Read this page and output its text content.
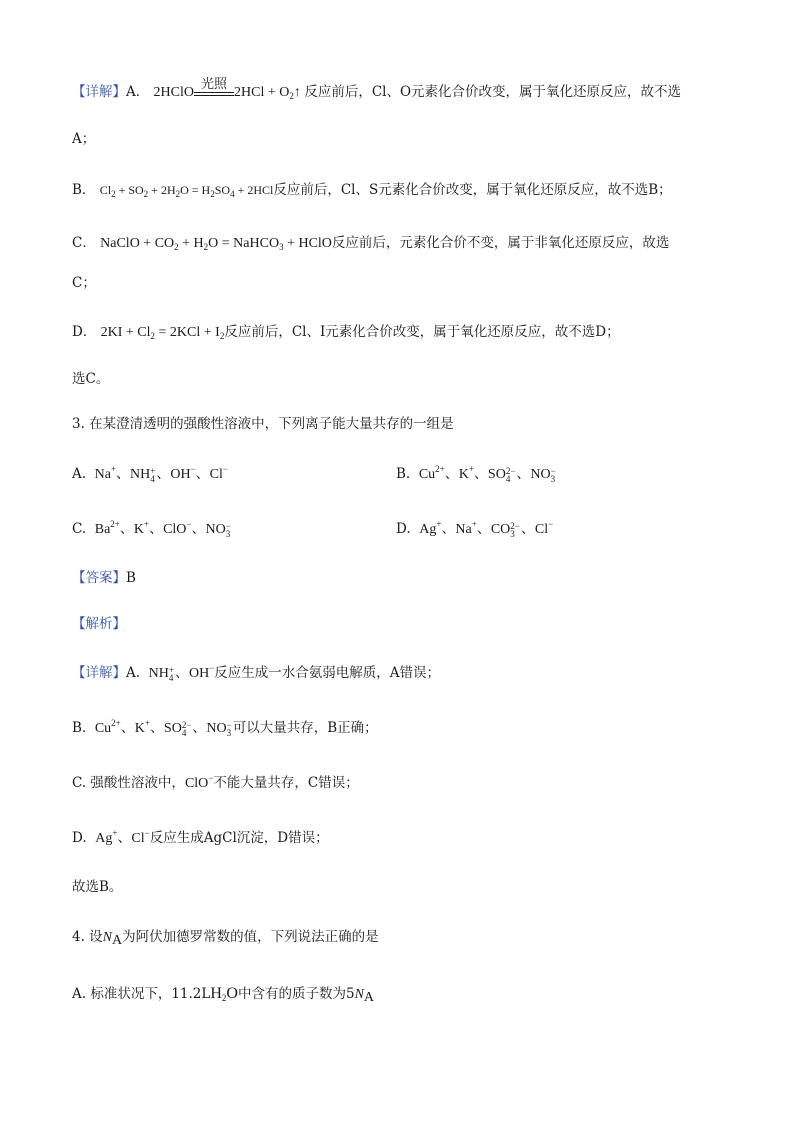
【详解】A． 2HClO
光照
$2HCl + O_2↑$ 反应前后，Cl、O元素化合价改变，属于氧化还原反应，故不选
A；
B． $Cl_2 + SO_2 + 2H_2O = H_2SO_4 + 2HCl$反应前后，Cl、S元素化合价改变，属于氧化还原反应，故不选B；
C． NaClO + $CO_2 + H_2O$ = NaHCO$_3$ + HClO反应前后，元素化合价不变，属于非氧化还原反应，故选
C；
D． $2KI + Cl_2 = 2KCl + I_2$反应前后，Cl、I元素化合价改变，属于氧化还原反应，故不选D；
选C。
3. 在某澄清透明的强酸性溶液中，下列离子能大量共存的一组是
A. Na+、NH +
4 、OH−、Cl−	B. $Cu^{2+}$、K+、SO 2−
4 、NO −
3
C. $Ba^{2+}$、K+、ClO−、NO −
3	D. Ag+、Na+、CO 2−
3 、Cl−
【答案】B
【解析】
【详解】A. NH +
4 、OH−反应生成一水合氨弱电解质，A错误；
B. $Cu^{2+}$、K+、SO 2−
4 、NO −
3 可以大量共存，B正确；
C. 强酸性溶液中，ClO−不能大量共存，C错误；
D. Ag+、Cl−反应生成AgCl沉淀，D错误；
故选B。
4. 设$N_A$为阿伏加德罗常数的值，下列说法正确的是
A. 标准状况下，$11.2LH_2O$中含有的质子数为$5N_A$
